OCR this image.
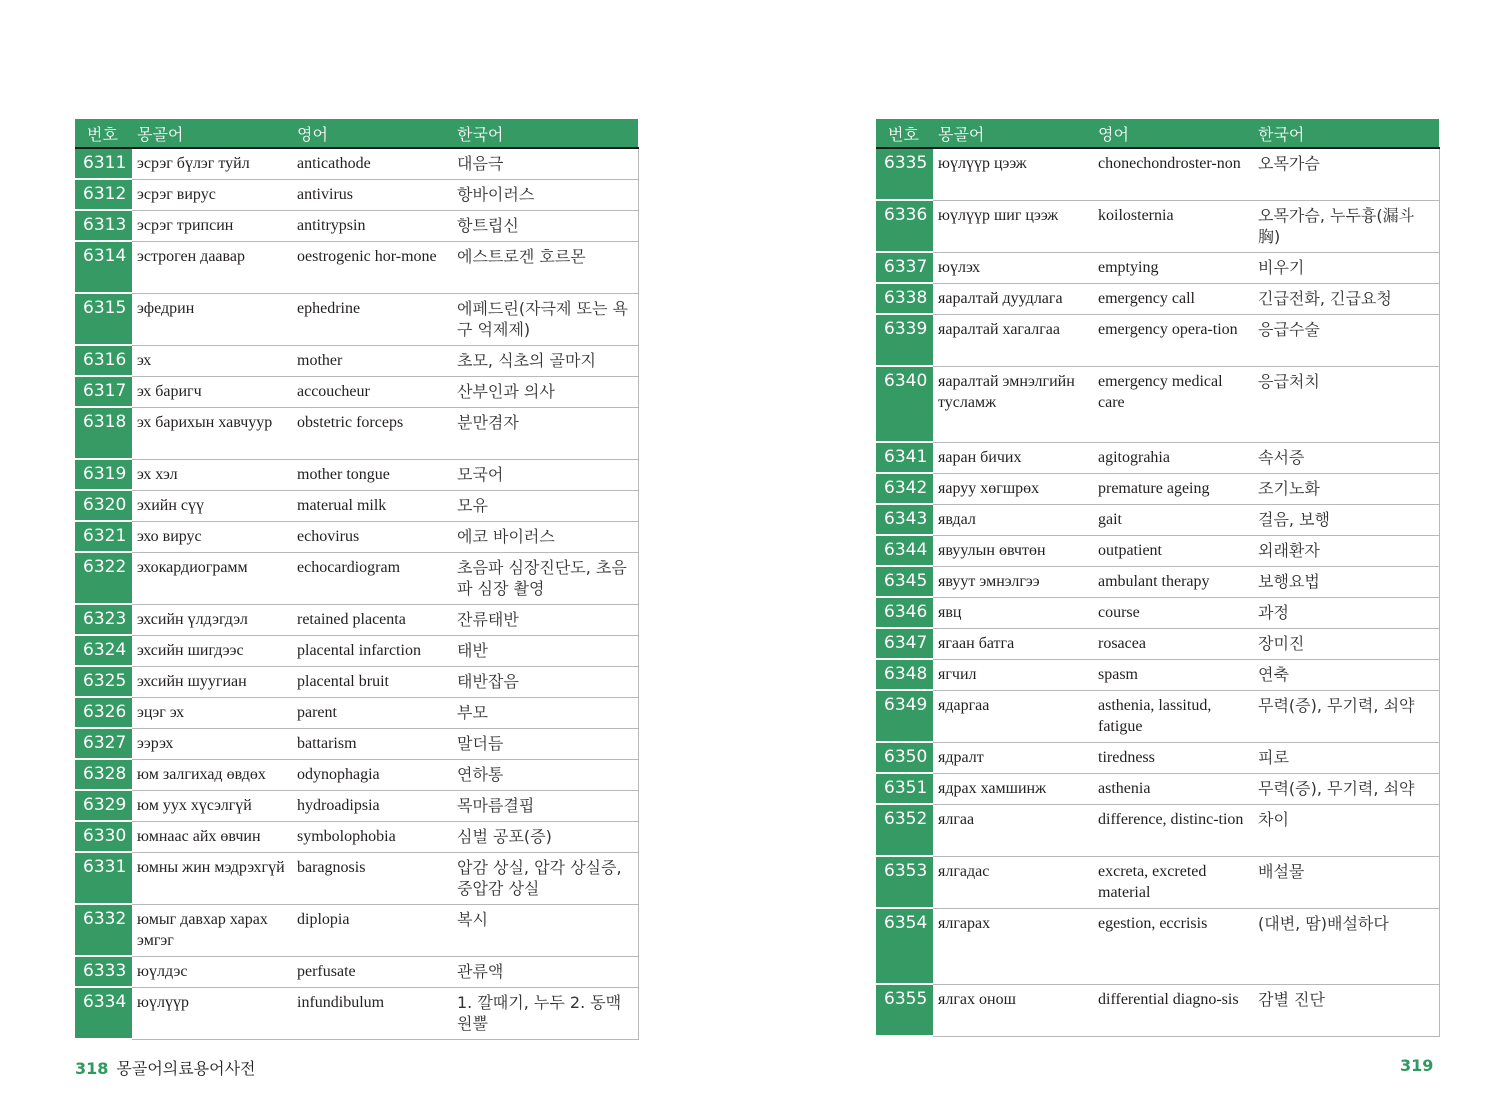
번호	몽골어	영어	한국어
6311	эсрэг бүлэг туйл	anticathode	대음극
6312	эсрэг вирус	antivirus	항바이러스
6313	эсрэг трипсин	antitrypsin	항트립신
6314	эстроген даавар	oestrogenic hor-mone	에스트로겐 호르몬
6315	эфедрин	ephedrine	에페드린(자극제 또는 욕구 억제제)
6316	эх	mother	초모, 식초의 골마지
6317	эх баригч	accoucheur	산부인과 의사
6318	эх барихын хавчуур	obstetric forceps	분만겸자
6319	эх хэл	mother tongue	모국어
6320	эхийн сүү	materual milk	모유
6321	эхо вирус	echovirus	에코 바이러스
6322	эхокардиограмм	echocardiogram	초음파 심장진단도, 초음파 심장 촬영
6323	эхсийн үлдэгдэл	retained placenta	잔류태반
6324	эхсийн шигдээс	placental infarction	태반
6325	эхсийн шуугиан	placental bruit	태반잡음
6326	эцэг эх	parent	부모
6327	ээрэх	battarism	말더듬
6328	юм залгихад өвдөх	odynophagia	연하통
6329	юм уух хүсэлгүй	hydroadipsia	목마름결핍
6330	юмнаас айх өвчин	symbolophobia	심벌 공포(증)
6331	юмны жин мэдрэхгүй	baragnosis	압감 상실, 압각 상실증, 중압감 상실
6332	юмыг давхар харах эмгэг	diplopia	복시
6333	юүлдэс	perfusate	관류액
6334	юүлүүр	infundibulum	1. 깔때기, 누두 2. 동맥원뿔
번호	몽골어	영어	한국어
6335	юүлүүр цээж	chonechondroster-non	오목가슴
6336	юүлүүр шиг цээж	koilosternia	오목가슴, 누두흉(漏斗胸)
6337	юүлэх	emptying	비우기
6338	яаралтай дуудлага	emergency call	긴급전화, 긴급요청
6339	яаралтай хагалгаа	emergency opera-tion	응급수술
6340	яаралтай эмнэлгийн тусламж	emergency medical care	응급처치
6341	яаран бичих	agitograhia	속서증
6342	яаруу хөгшрөх	premature ageing	조기노화
6343	явдал	gait	걸음, 보행
6344	явуулын өвчтөн	outpatient	외래환자
6345	явуут эмнэлгээ	ambulant therapy	보행요법
6346	явц	course	과정
6347	ягаан батга	rosacea	장미진
6348	ягчил	spasm	연축
6349	ядаргаа	asthenia, lassitud, fatigue	무력(증), 무기력, 쇠약
6350	ядралт	tiredness	피로
6351	ядрах хамшинж	asthenia	무력(증), 무기력, 쇠약
6352	ялгаа	difference, distinc-tion	차이
6353	ялгадас	excreta, excreted material	배설물
6354	ялгарах	egestion, eccrisis	(대변, 땀)배설하다
6355	ялгах онош	differential diagno-sis	감별 진단
318 몽골어의료용어사전	319
